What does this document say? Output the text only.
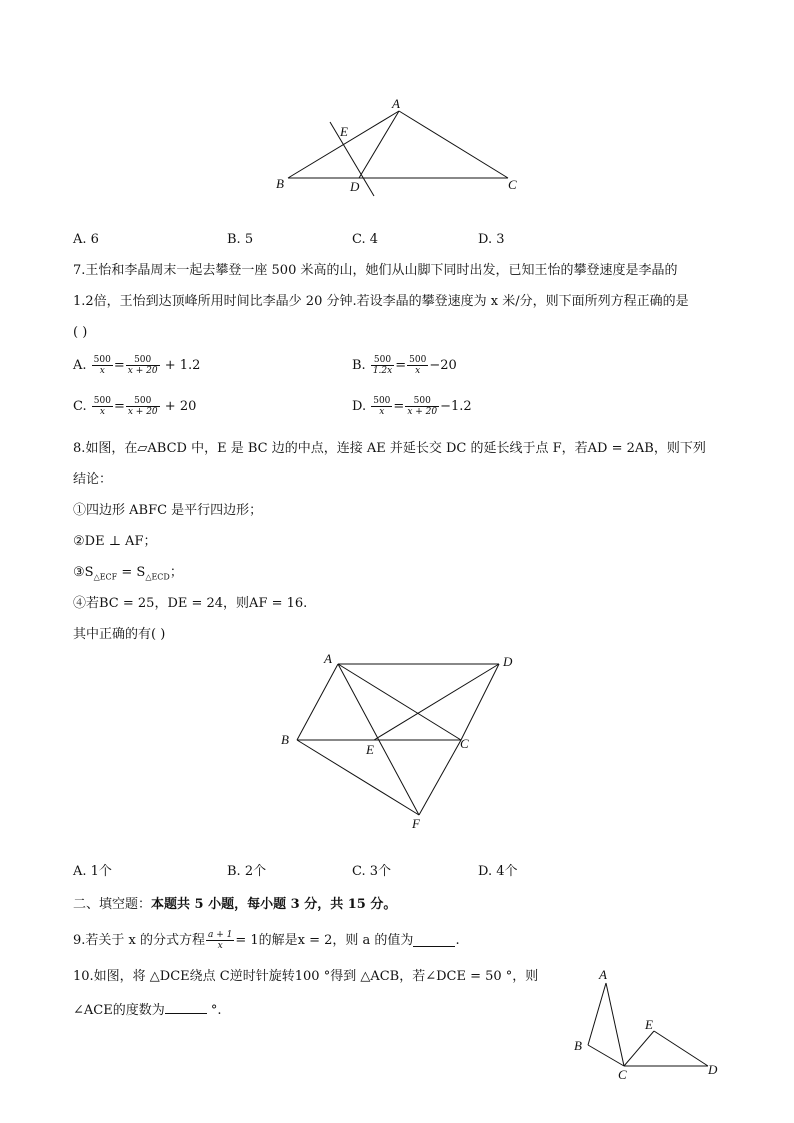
A
E
B	D	C
A. 6	B. 5	C. 4	D. 3
7.王怡和李晶周末一起去攀登一座 500 米高的山，她们从山脚下同时出发，已知王怡的攀登速度是李晶的
1.2倍，王怡到达顶峰所用时间比李晶少 20 分钟.若设李晶的攀登速度为 x 米/分，则下面所列方程正确的是
( )
A.
$\frac{500}{x} = \frac{500}{x + 20}$
+ 1.2	B.
$\frac{500}{1.2x} = \frac{500}{x} -20$
C.
$\frac{500}{x} = \frac{500}{x + 20}$
+ 20	D.
$\frac{500}{x} = \frac{500}{x + 20} -1.2$
8.如图，在▱ABCD 中，E 是 BC 边的中点，连接 AE 并延长交 DC 的延长线于点 F，若AD = 2AB，则下列
结论：
①四边形 ABFC 是平行四边形；
②DE ⊥ AF；
$③S_{\triangle ECF} = S_{\triangle ECD}$；
④若BC = 25，DE = 24，则AF = 16.
其中正确的有( )
A	D
B
E	C
F
A. 1个	B. 2个	C. 3个	D. 4个
二、填空题：本题共 5 小题，每小题 3 分，共 15 分。
9.若关于 x 的分式方程 $\frac{a + 1}{x} = 1$的解是x = 2，则 a 的值为	.
10.如图，将 △DCE绕点 C逆时针旋转100 °得到 △ACB，若∠DCE = 50 °，则
∠ACE的度数为	°.
A
E
B
C	D
